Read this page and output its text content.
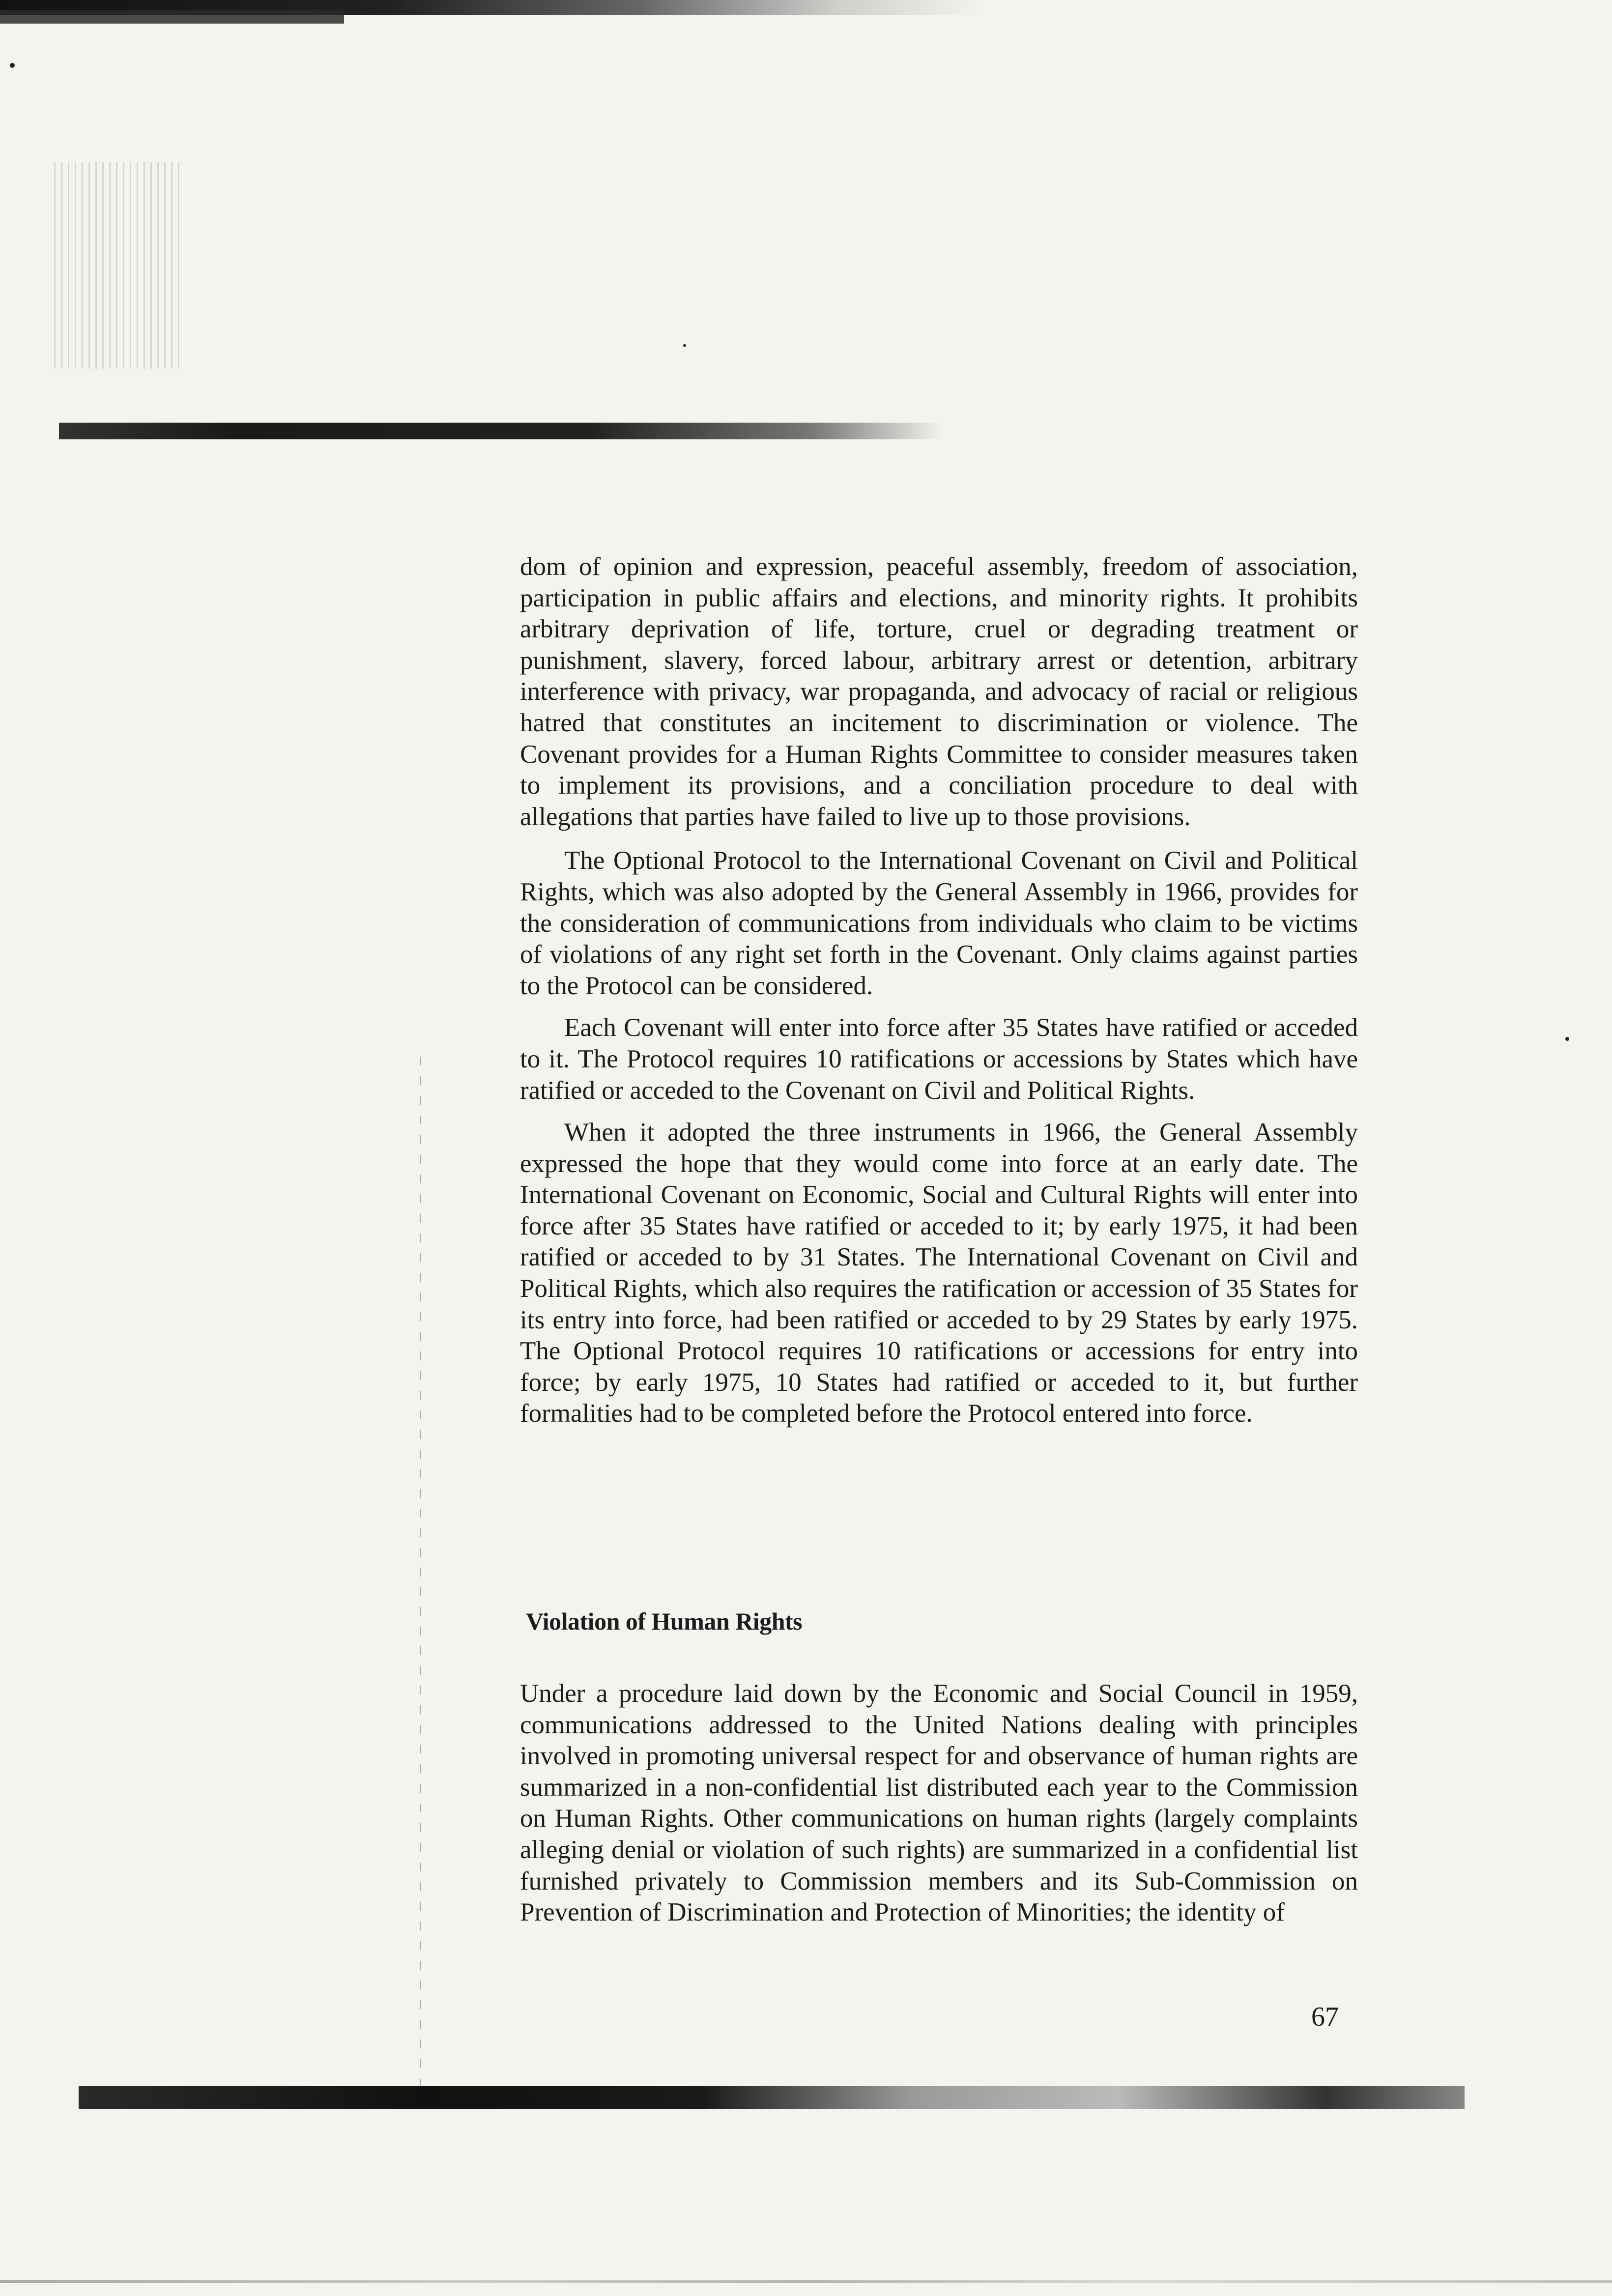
dom of opinion and expression, peaceful assembly, freedom of association, participation in public affairs and elections, and minority rights. It prohibits arbitrary deprivation of life, torture, cruel or degrading treatment or punishment, slavery, forced labour, arbitrary arrest or detention, arbitrary interference with privacy, war propaganda, and advocacy of racial or religious hatred that constitutes an incitement to discrimination or violence. The Covenant provides for a Human Rights Committee to consider measures taken to implement its provisions, and a conciliation procedure to deal with allegations that parties have failed to live up to those provisions.

The Optional Protocol to the International Covenant on Civil and Political Rights, which was also adopted by the General Assembly in 1966, provides for the consideration of communications from individuals who claim to be victims of violations of any right set forth in the Covenant. Only claims against parties to the Protocol can be considered.

Each Covenant will enter into force after 35 States have ratified or acceded to it. The Protocol requires 10 ratifications or accessions by States which have ratified or acceded to the Covenant on Civil and Political Rights.

When it adopted the three instruments in 1966, the General Assembly expressed the hope that they would come into force at an early date. The International Covenant on Economic, Social and Cultural Rights will enter into force after 35 States have ratified or acceded to it; by early 1975, it had been ratified or acceded to by 31 States. The International Covenant on Civil and Political Rights, which also requires the ratification or accession of 35 States for its entry into force, had been ratified or acceded to by 29 States by early 1975. The Optional Protocol requires 10 ratifications or accessions for entry into force; by early 1975, 10 States had ratified or acceded to it, but further formalities had to be completed before the Protocol entered into force.

Violation of Human Rights

Under a procedure laid down by the Economic and Social Council in 1959, communications addressed to the United Nations dealing with principles involved in promoting universal respect for and observance of human rights are summarized in a non-confidential list distributed each year to the Commission on Human Rights. Other communications on human rights (largely complaints alleging denial or violation of such rights) are summarized in a confidential list furnished privately to Commission members and its Sub-Commission on Prevention of Discrimination and Protection of Minorities; the identity of

67
